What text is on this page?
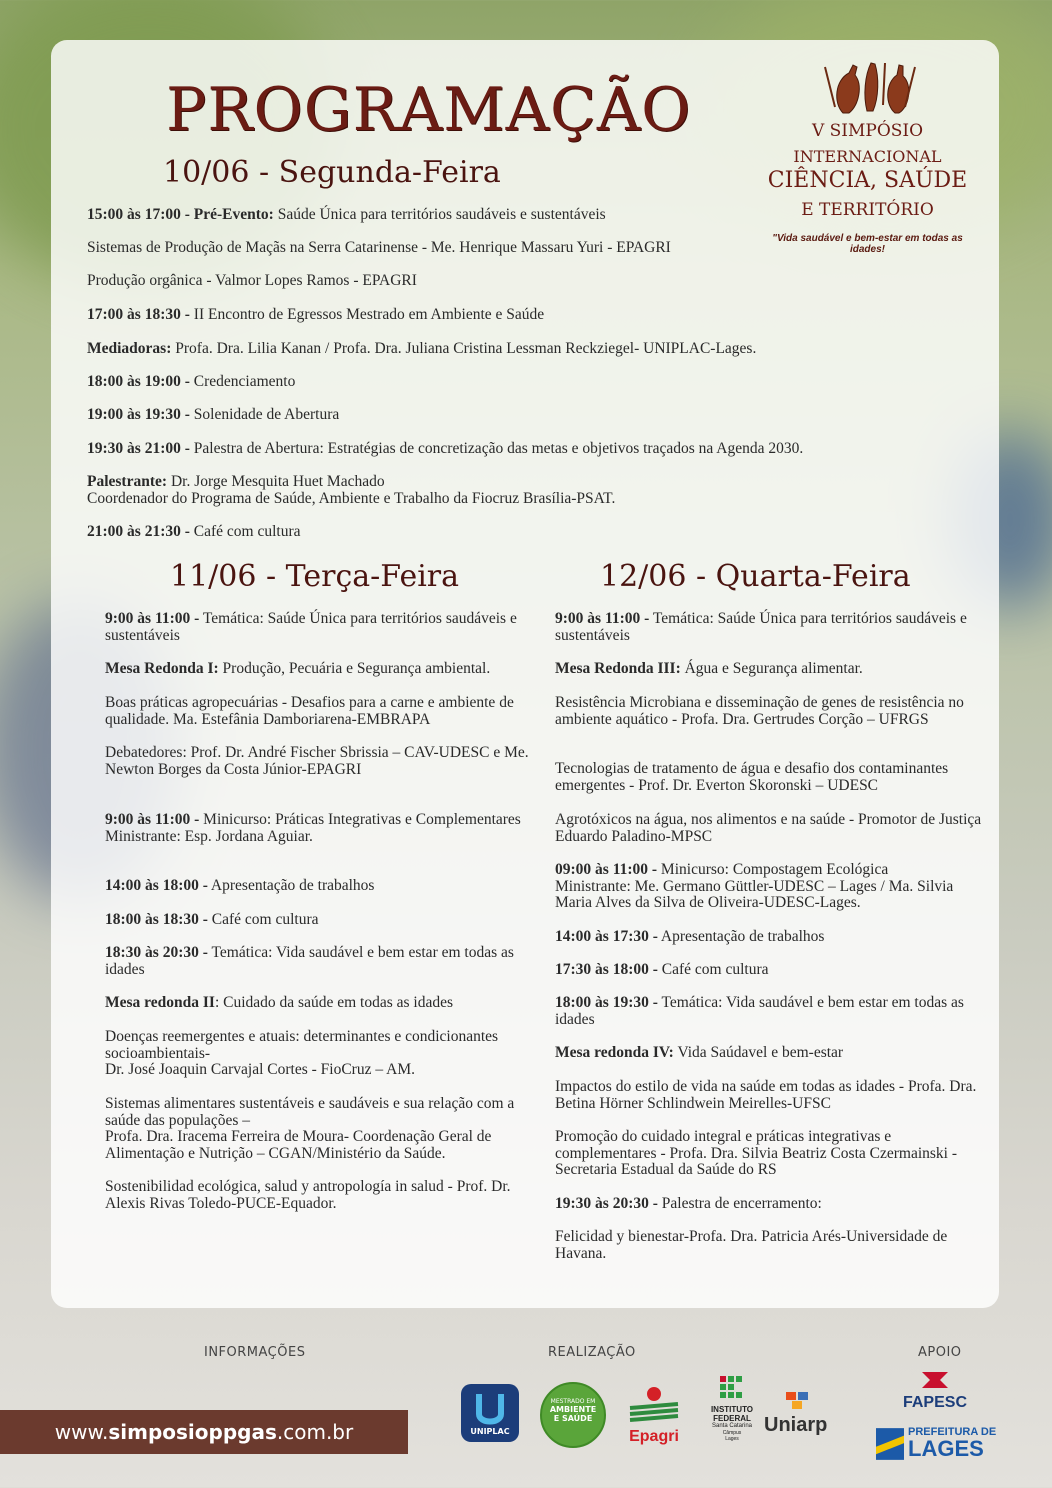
PROGRAMAÇÃO	V SIMPÓSIO
INTERNACIONAL
CIÊNCIA, SAÚDE
E TERRITÓRIO
"Vida saudável e bem-estar em todas as idades!
10/06 - Segunda-Feira

15:00 às 17:00 - Pré-Evento: Saúde Única para territórios saudáveis e sustentáveis

Sistemas de Produção de Maçãs na Serra Catarinense - Me. Henrique Massaru Yuri - EPAGRI

Produção orgânica - Valmor Lopes Ramos - EPAGRI

17:00 às 18:30 - II Encontro de Egressos Mestrado em Ambiente e Saúde

Mediadoras: Profa. Dra. Lilia Kanan / Profa. Dra. Juliana Cristina Lessman Reckziegel- UNIPLAC-Lages.

18:00 às 19:00 - Credenciamento

19:00 às 19:30 - Solenidade de Abertura

19:30 às 21:00 - Palestra de Abertura: Estratégias de concretização das metas e objetivos traçados na Agenda 2030.

Palestrante: Dr. Jorge Mesquita Huet Machado
Coordenador do Programa de Saúde, Ambiente e Trabalho da Fiocruz Brasília-PSAT.

21:00 às 21:30 - Café com cultura

11/06 - Terça-Feira

9:00 às 11:00 - Temática: Saúde Única para territórios saudáveis e sustentáveis

Mesa Redonda I: Produção, Pecuária e Segurança ambiental.

Boas práticas agropecuárias - Desafios para a carne e ambiente de qualidade. Ma. Estefânia Damboriarena-EMBRAPA

Debatedores: Prof. Dr. André Fischer Sbrissia – CAV-UDESC e Me. Newton Borges da Costa Júnior-EPAGRI

9:00 às 11:00 - Minicurso: Práticas Integrativas e Complementares
Ministrante: Esp. Jordana Aguiar.

14:00 às 18:00 - Apresentação de trabalhos

18:00 às 18:30 - Café com cultura

18:30 às 20:30 - Temática: Vida saudável e bem estar em todas as idades

Mesa redonda II: Cuidado da saúde em todas as idades

Doenças reemergentes e atuais: determinantes e condicionantes socioambientais-
Dr. José Joaquin Carvajal Cortes - FioCruz – AM.

Sistemas alimentares sustentáveis e saudáveis e sua relação com a saúde das populações –
Profa. Dra. Iracema Ferreira de Moura- Coordenação Geral de Alimentação e Nutrição – CGAN/Ministério da Saúde.

Sostenibilidad ecológica, salud y antropología in salud - Prof. Dr. Alexis Rivas Toledo-PUCE-Equador.

12/06 - Quarta-Feira

9:00 às 11:00 - Temática: Saúde Única para territórios saudáveis e sustentáveis

Mesa Redonda III: Água e Segurança alimentar.

Resistência Microbiana e disseminação de genes de resistência no ambiente aquático - Profa. Dra. Gertrudes Corção – UFRGS

Tecnologias de tratamento de água e desafio dos contaminantes emergentes - Prof. Dr. Everton Skoronski – UDESC

Agrotóxicos na água, nos alimentos e na saúde - Promotor de Justiça Eduardo Paladino-MPSC

09:00 às 11:00 - Minicurso: Compostagem Ecológica
Ministrante: Me. Germano Güttler-UDESC – Lages / Ma. Silvia Maria Alves da Silva de Oliveira-UDESC-Lages.

14:00 às 17:30 - Apresentação de trabalhos

17:30 às 18:00 - Café com cultura

18:00 às 19:30 - Temática: Vida saudável e bem estar em todas as idades

Mesa redonda IV: Vida Saúdavel e bem-estar

Impactos do estilo de vida na saúde em todas as idades - Profa. Dra. Betina Hörner Schlindwein Meirelles-UFSC

Promoção do cuidado integral e práticas integrativas e complementares - Profa. Dra. Silvia Beatriz Costa Czermainski - Secretaria Estadual da Saúde do RS

19:30 às 20:30 - Palestra de encerramento:

Felicidad y bienestar-Profa. Dra. Patricia Arés-Universidade de Havana.

INFORMAÇÕES	REALIZAÇÃO	APOIO
www.simposioppgas.com.br	UNIPLAC
MESTRADO EM
AMBIENTE
E SAÚDE
Epagri
INSTITUTO
FEDERAL
Santa Catarina
Câmpus
Lages
Uniarp
FAPESC
PREFEITURA DE
LAGES
